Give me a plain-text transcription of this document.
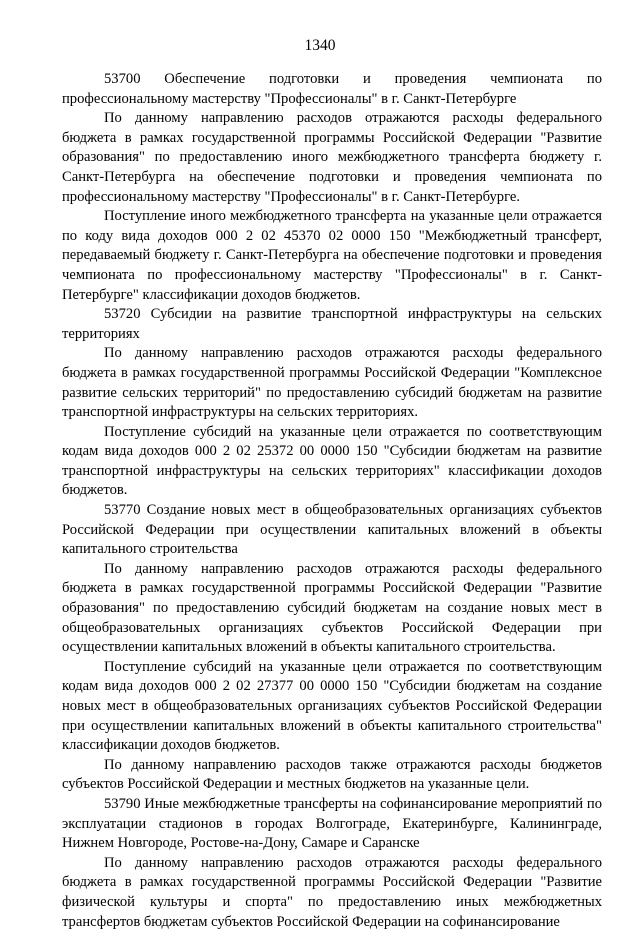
1340

53700 Обеспечение подготовки и проведения чемпионата по профессиональному мастерству "Профессионалы" в г. Санкт-Петербурге

По данному направлению расходов отражаются расходы федерального бюджета в рамках государственной программы Российской Федерации "Развитие образования" по предоставлению иного межбюджетного трансферта бюджету г. Санкт-Петербурга на обеспечение подготовки и проведения чемпионата по профессиональному мастерству "Профессионалы" в г. Санкт-Петербурге.

Поступление иного межбюджетного трансферта на указанные цели отражается по коду вида доходов 000 2 02 45370 02 0000 150 "Межбюджетный трансферт, передаваемый бюджету г. Санкт-Петербурга на обеспечение подготовки и проведения чемпионата по профессиональному мастерству "Профессионалы" в г. Санкт-Петербурге" классификации доходов бюджетов.

53720 Субсидии на развитие транспортной инфраструктуры на сельских территориях

По данному направлению расходов отражаются расходы федерального бюджета в рамках государственной программы Российской Федерации "Комплексное развитие сельских территорий" по предоставлению субсидий бюджетам на развитие транспортной инфраструктуры на сельских территориях.

Поступление субсидий на указанные цели отражается по соответствующим кодам вида доходов 000 2 02 25372 00 0000 150 "Субсидии бюджетам на развитие транспортной инфраструктуры на сельских территориях" классификации доходов бюджетов.

53770 Создание новых мест в общеобразовательных организациях субъектов Российской Федерации при осуществлении капитальных вложений в объекты капитального строительства

По данному направлению расходов отражаются расходы федерального бюджета в рамках государственной программы Российской Федерации "Развитие образования" по предоставлению субсидий бюджетам на создание новых мест в общеобразовательных организациях субъектов Российской Федерации при осуществлении капитальных вложений в объекты капитального строительства.

Поступление субсидий на указанные цели отражается по соответствующим кодам вида доходов 000 2 02 27377 00 0000 150 "Субсидии бюджетам на создание новых мест в общеобразовательных организациях субъектов Российской Федерации при осуществлении капитальных вложений в объекты капитального строительства" классификации доходов бюджетов.

По данному направлению расходов также отражаются расходы бюджетов субъектов Российской Федерации и местных бюджетов на указанные цели.

53790 Иные межбюджетные трансферты на софинансирование мероприятий по эксплуатации стадионов в городах Волгограде, Екатеринбурге, Калининграде, Нижнем Новгороде, Ростове-на-Дону, Самаре и Саранске

По данному направлению расходов отражаются расходы федерального бюджета в рамках государственной программы Российской Федерации "Развитие физической культуры и спорта" по предоставлению иных межбюджетных трансфертов бюджетам субъектов Российской Федерации на софинансирование
